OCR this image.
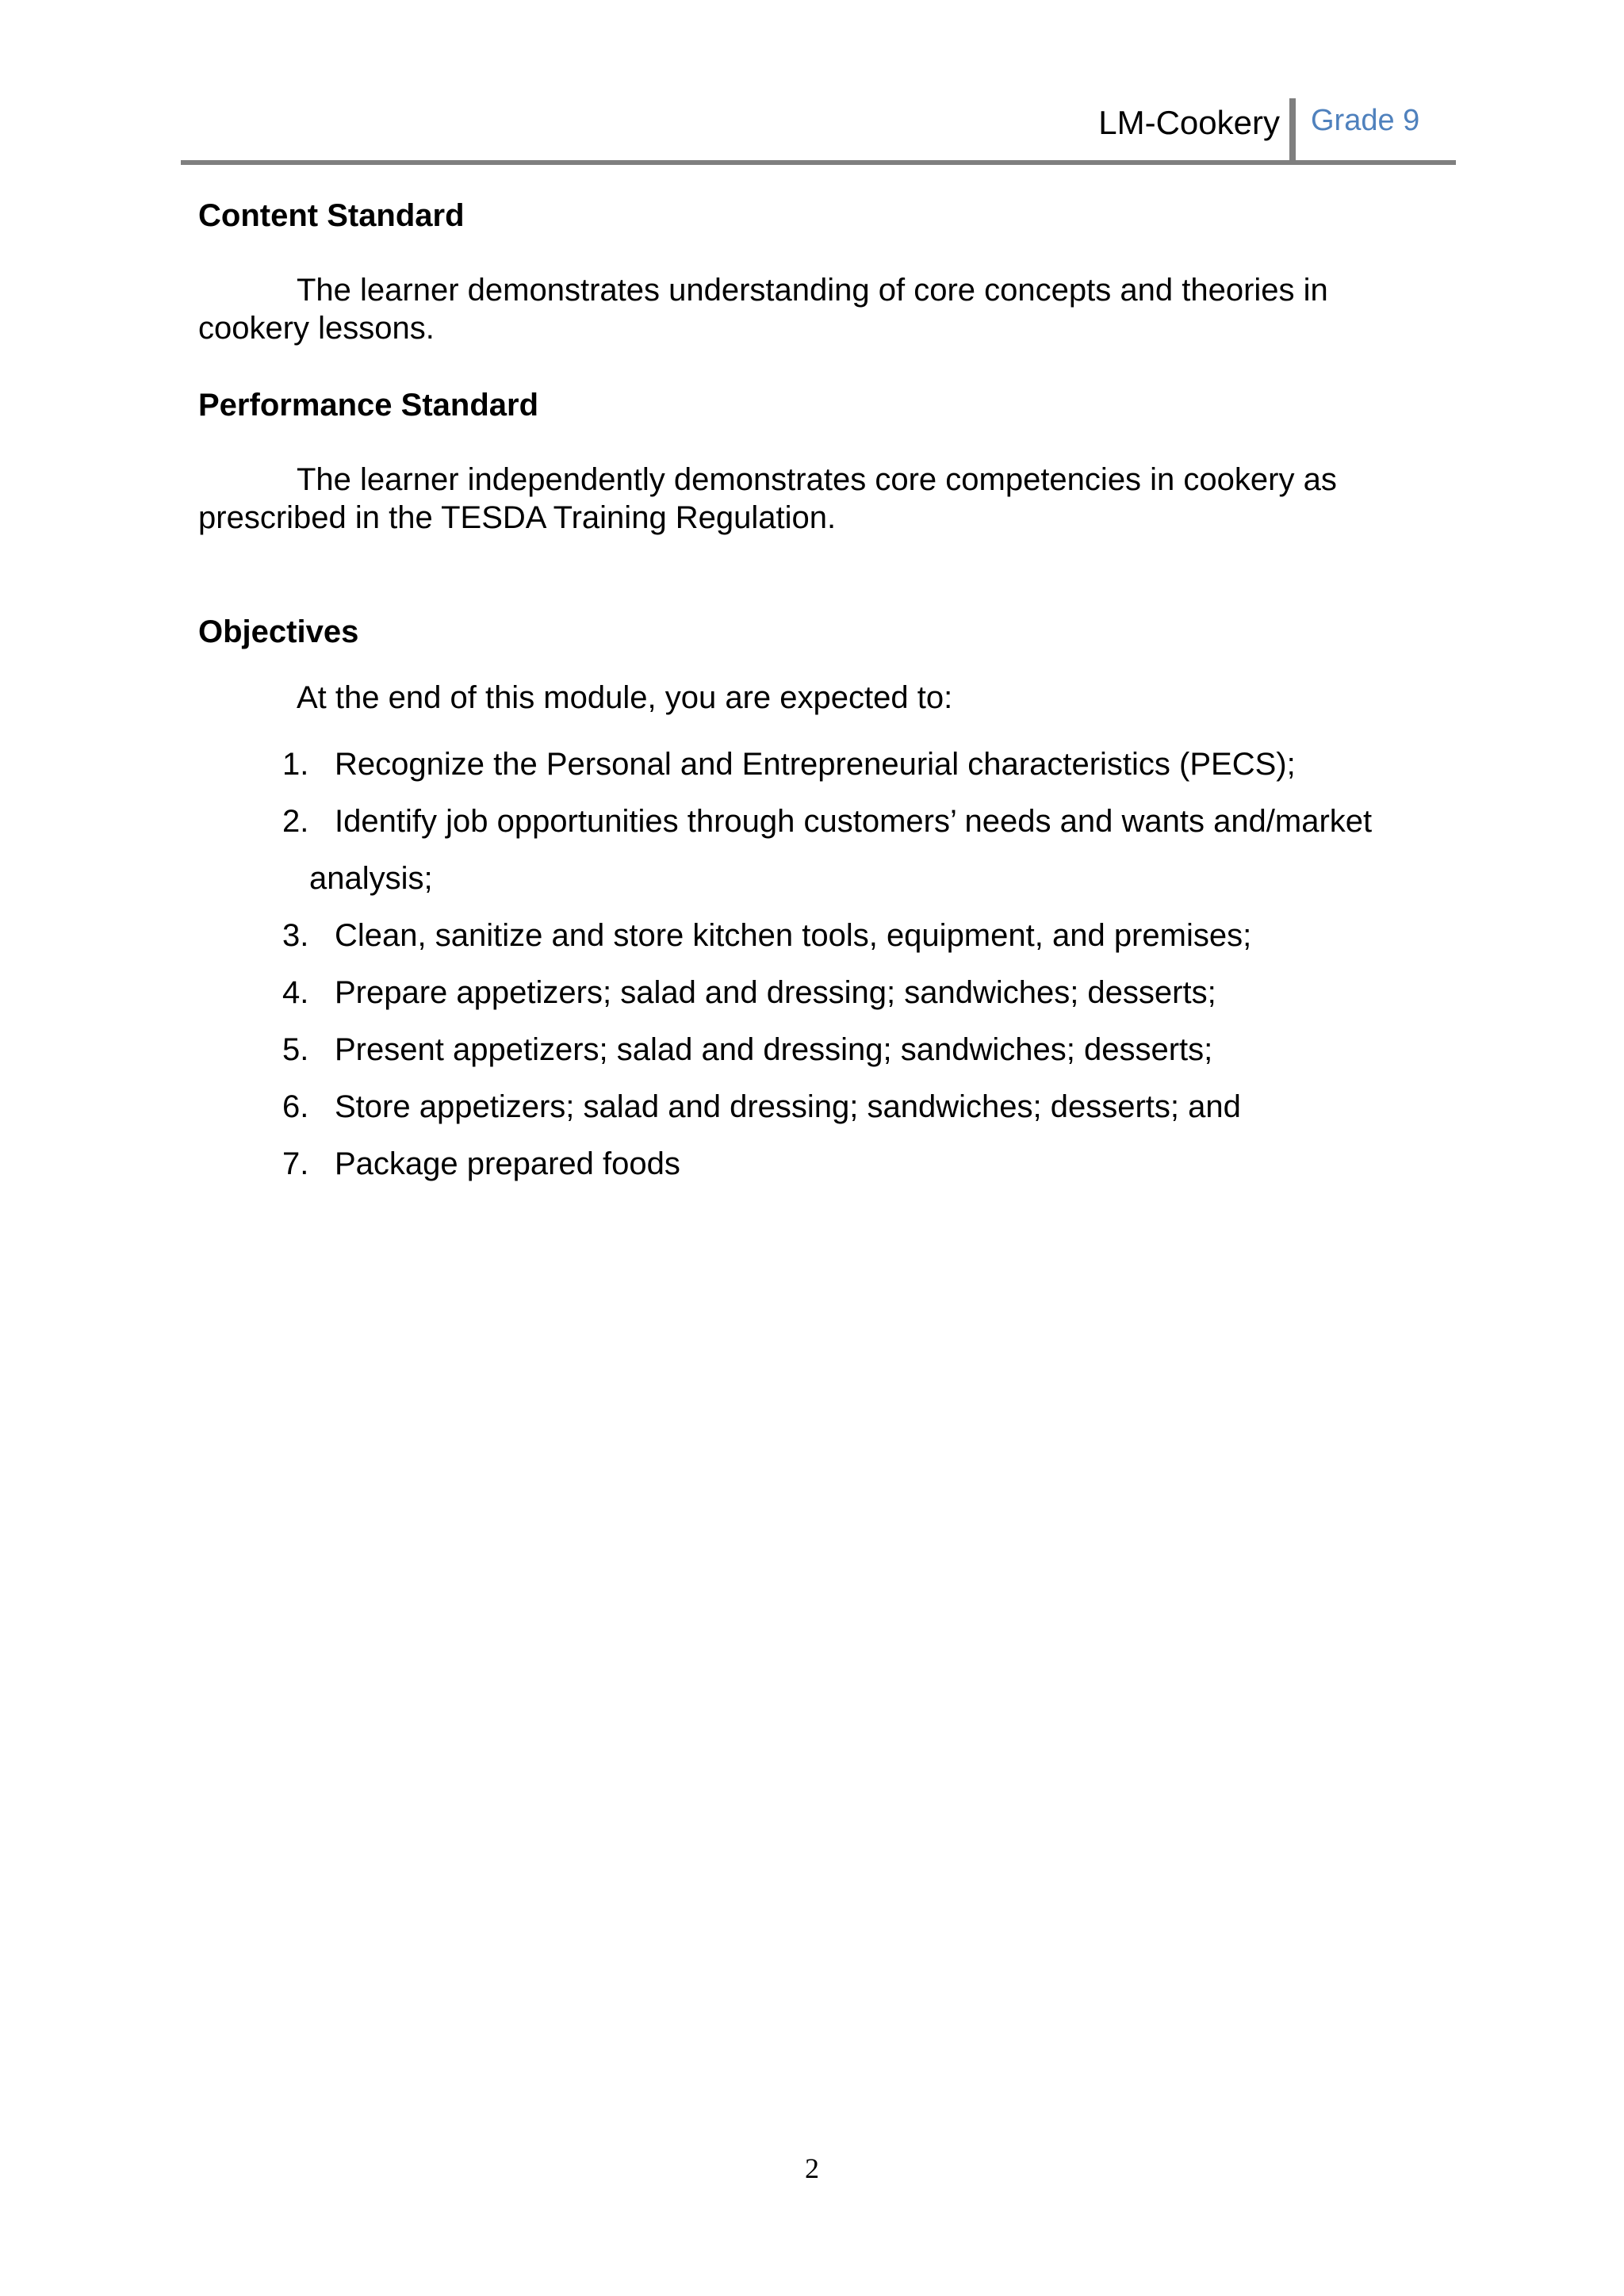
LM-Cookery Grade 9
Content Standard
The learner demonstrates understanding of core concepts and theories in cookery lessons.
Performance Standard
The learner independently demonstrates core competencies in cookery as prescribed in the TESDA Training Regulation.
Objectives
At the end of this module, you are expected to:
1. Recognize the Personal and Entrepreneurial characteristics (PECS);
2. Identify job opportunities through customers’ needs and wants and/market
analysis;
3. Clean, sanitize and store kitchen tools, equipment, and premises;
4. Prepare appetizers; salad and dressing; sandwiches; desserts;
5. Present appetizers; salad and dressing; sandwiches; desserts;
6. Store appetizers; salad and dressing; sandwiches; desserts; and
7. Package prepared foods
2
